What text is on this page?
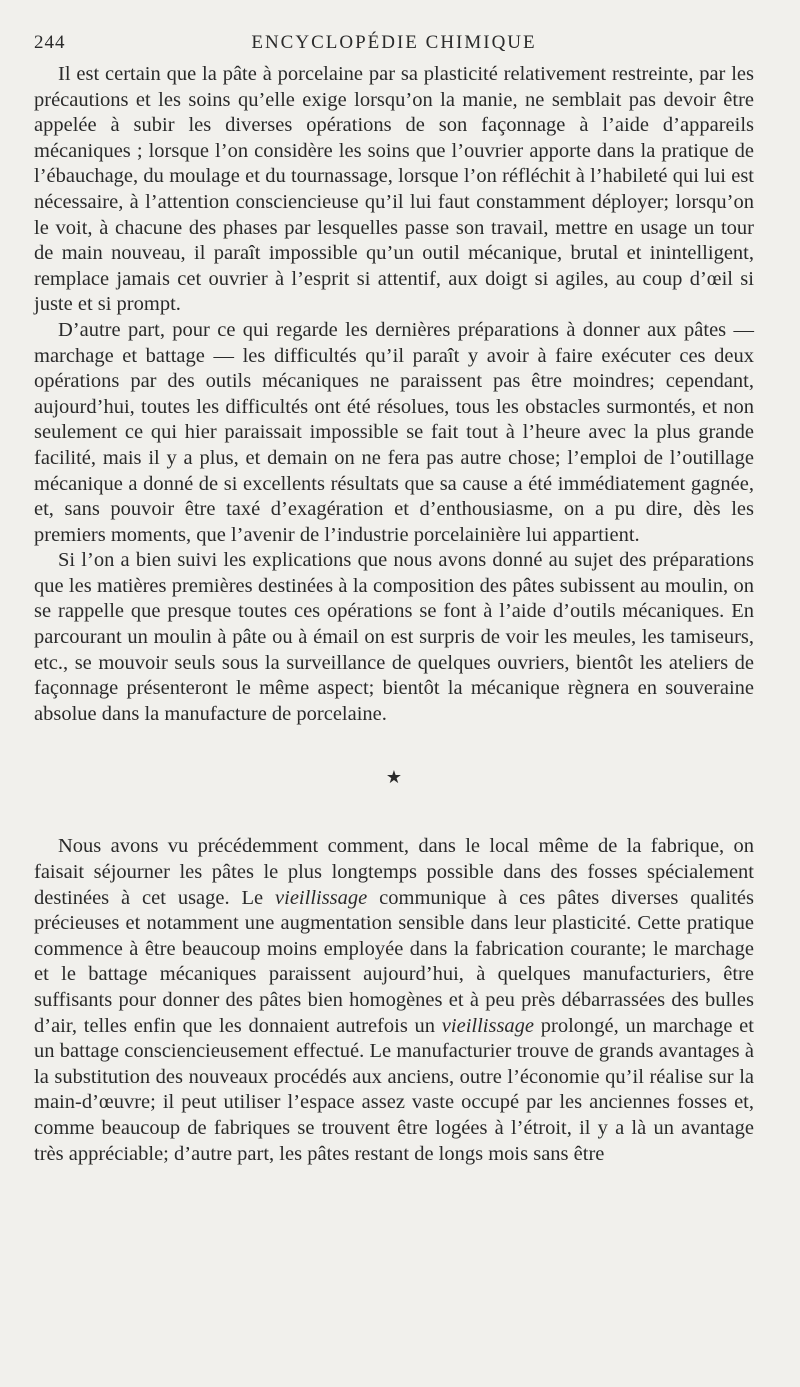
244	ENCYCLOPÉDIE CHIMIQUE

Il est certain que la pâte à porcelaine par sa plasticité relativement restreinte, par les précautions et les soins qu’elle exige lorsqu’on la manie, ne semblait pas devoir être appelée à subir les diverses opérations de son façonnage à l’aide d’appareils mécaniques ; lorsque l’on considère les soins que l’ouvrier apporte dans la pratique de l’ébauchage, du moulage et du tournassage, lorsque l’on réfléchit à l’habileté qui lui est nécessaire, à l’attention consciencieuse qu’il lui faut constamment déployer; lorsqu’on le voit, à chacune des phases par lesquelles passe son travail, mettre en usage un tour de main nouveau, il paraît impossible qu’un outil mécanique, brutal et inintelligent, remplace jamais cet ouvrier à l’esprit si attentif, aux doigt si agiles, au coup d’œil si juste et si prompt.

D’autre part, pour ce qui regarde les dernières préparations à donner aux pâtes — marchage et battage — les difficultés qu’il paraît y avoir à faire exécuter ces deux opérations par des outils mécaniques ne paraissent pas être moindres; cependant, aujourd’hui, toutes les difficultés ont été résolues, tous les obstacles surmontés, et non seulement ce qui hier paraissait impossible se fait tout à l’heure avec la plus grande facilité, mais il y a plus, et demain on ne fera pas autre chose; l’emploi de l’outillage mécanique a donné de si excellents résultats que sa cause a été immédiatement gagnée, et, sans pouvoir être taxé d’exagération et d’enthousiasme, on a pu dire, dès les premiers moments, que l’avenir de l’industrie porcelainière lui appartient.

Si l’on a bien suivi les explications que nous avons donné au sujet des préparations que les matières premières destinées à la composition des pâtes subissent au moulin, on se rappelle que presque toutes ces opérations se font à l’aide d’outils mécaniques. En parcourant un moulin à pâte ou à émail on est surpris de voir les meules, les tamiseurs, etc., se mouvoir seuls sous la surveillance de quelques ouvriers, bientôt les ateliers de façonnage présenteront le même aspect; bientôt la mécanique règnera en souveraine absolue dans la manufacture de porcelaine.

★

Nous avons vu précédemment comment, dans le local même de la fabrique, on faisait séjourner les pâtes le plus longtemps possible dans des fosses spécialement destinées à cet usage. Le vieillissage communique à ces pâtes diverses qualités précieuses et notamment une augmentation sensible dans leur plasticité. Cette pratique commence à être beaucoup moins employée dans la fabrication courante; le marchage et le battage mécaniques paraissent aujourd’hui, à quelques manufacturiers, être suffisants pour donner des pâtes bien homogènes et à peu près débarrassées des bulles d’air, telles enfin que les donnaient autrefois un vieillissage prolongé, un marchage et un battage consciencieusement effectué. Le manufacturier trouve de grands avantages à la substitution des nouveaux procédés aux anciens, outre l’économie qu’il réalise sur la main-d’œuvre; il peut utiliser l’espace assez vaste occupé par les anciennes fosses et, comme beaucoup de fabriques se trouvent être logées à l’étroit, il y a là un avantage très appréciable; d’autre part, les pâtes restant de longs mois sans être
